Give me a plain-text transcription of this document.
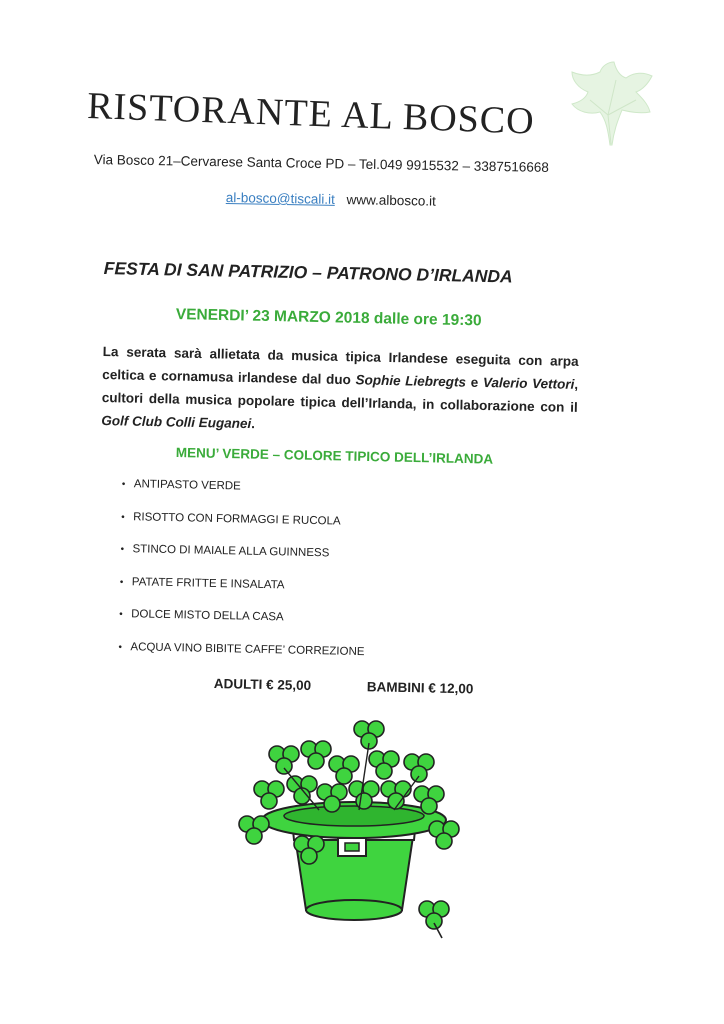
RISTORANTE AL BOSCO
Via Bosco 21–Cervarese Santa Croce PD – Tel.049 9915532 – 3387516668
al-bosco@tiscali.it www.albosco.it
FESTA DI SAN PATRIZIO – PATRONO D’IRLANDA
VENERDI’ 23 MARZO 2018 dalle ore 19:30
La serata sarà allietata da musica tipica Irlandese eseguita con arpa celtica e cornamusa irlandese dal duo Sophie Liebregts e Valerio Vettori, cultori della musica popolare tipica dell’Irlanda, in collaborazione con il Golf Club Colli Euganei.
MENU’ VERDE – COLORE TIPICO DELL’IRLANDA
• ANTIPASTO VERDE
• RISOTTO CON FORMAGGI E RUCOLA
• STINCO DI MAIALE ALLA GUINNESS
• PATATE FRITTE E INSALATA
• DOLCE MISTO DELLA CASA
• ACQUA VINO BIBITE CAFFE’ CORREZIONE
ADULTI € 25,00	BAMBINI € 12,00
